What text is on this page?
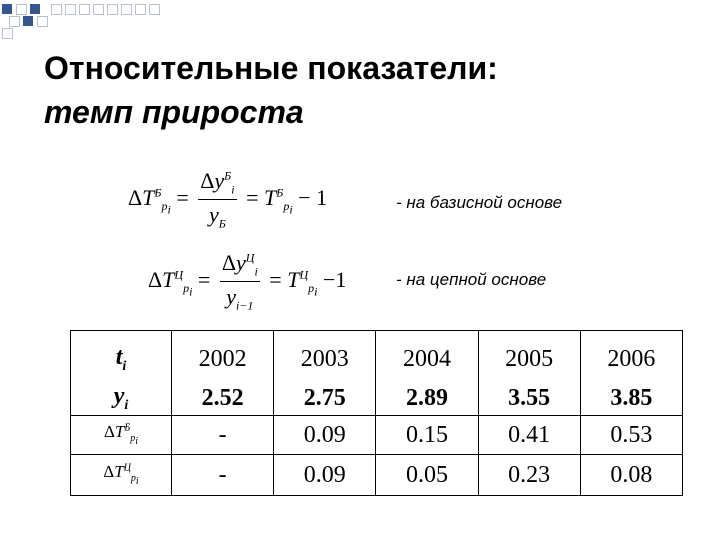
Относительные показатели:
темп прироста
$\Delta T^Б_{p_i} = \frac{\Delta y^Б_i}{y_Б} = T^Б_{p_i} - 1$	- на базисной основе
$\Delta T^Ц_{p_i} = \frac{\Delta y^Ц_i}{y_{i-1}} = T^Ц_{p_i} -1$	- на цепной основе
$t_i$	2002	2003	2004	2005	2006
$y_i$	2.52	2.75	2.89	3.55	3.85
$\Delta T^Б_{p_i}$	-	0.09	0.15	0.41	0.53
$\Delta T^Ц_{p_i}$	-	0.09	0.05	0.23	0.08
